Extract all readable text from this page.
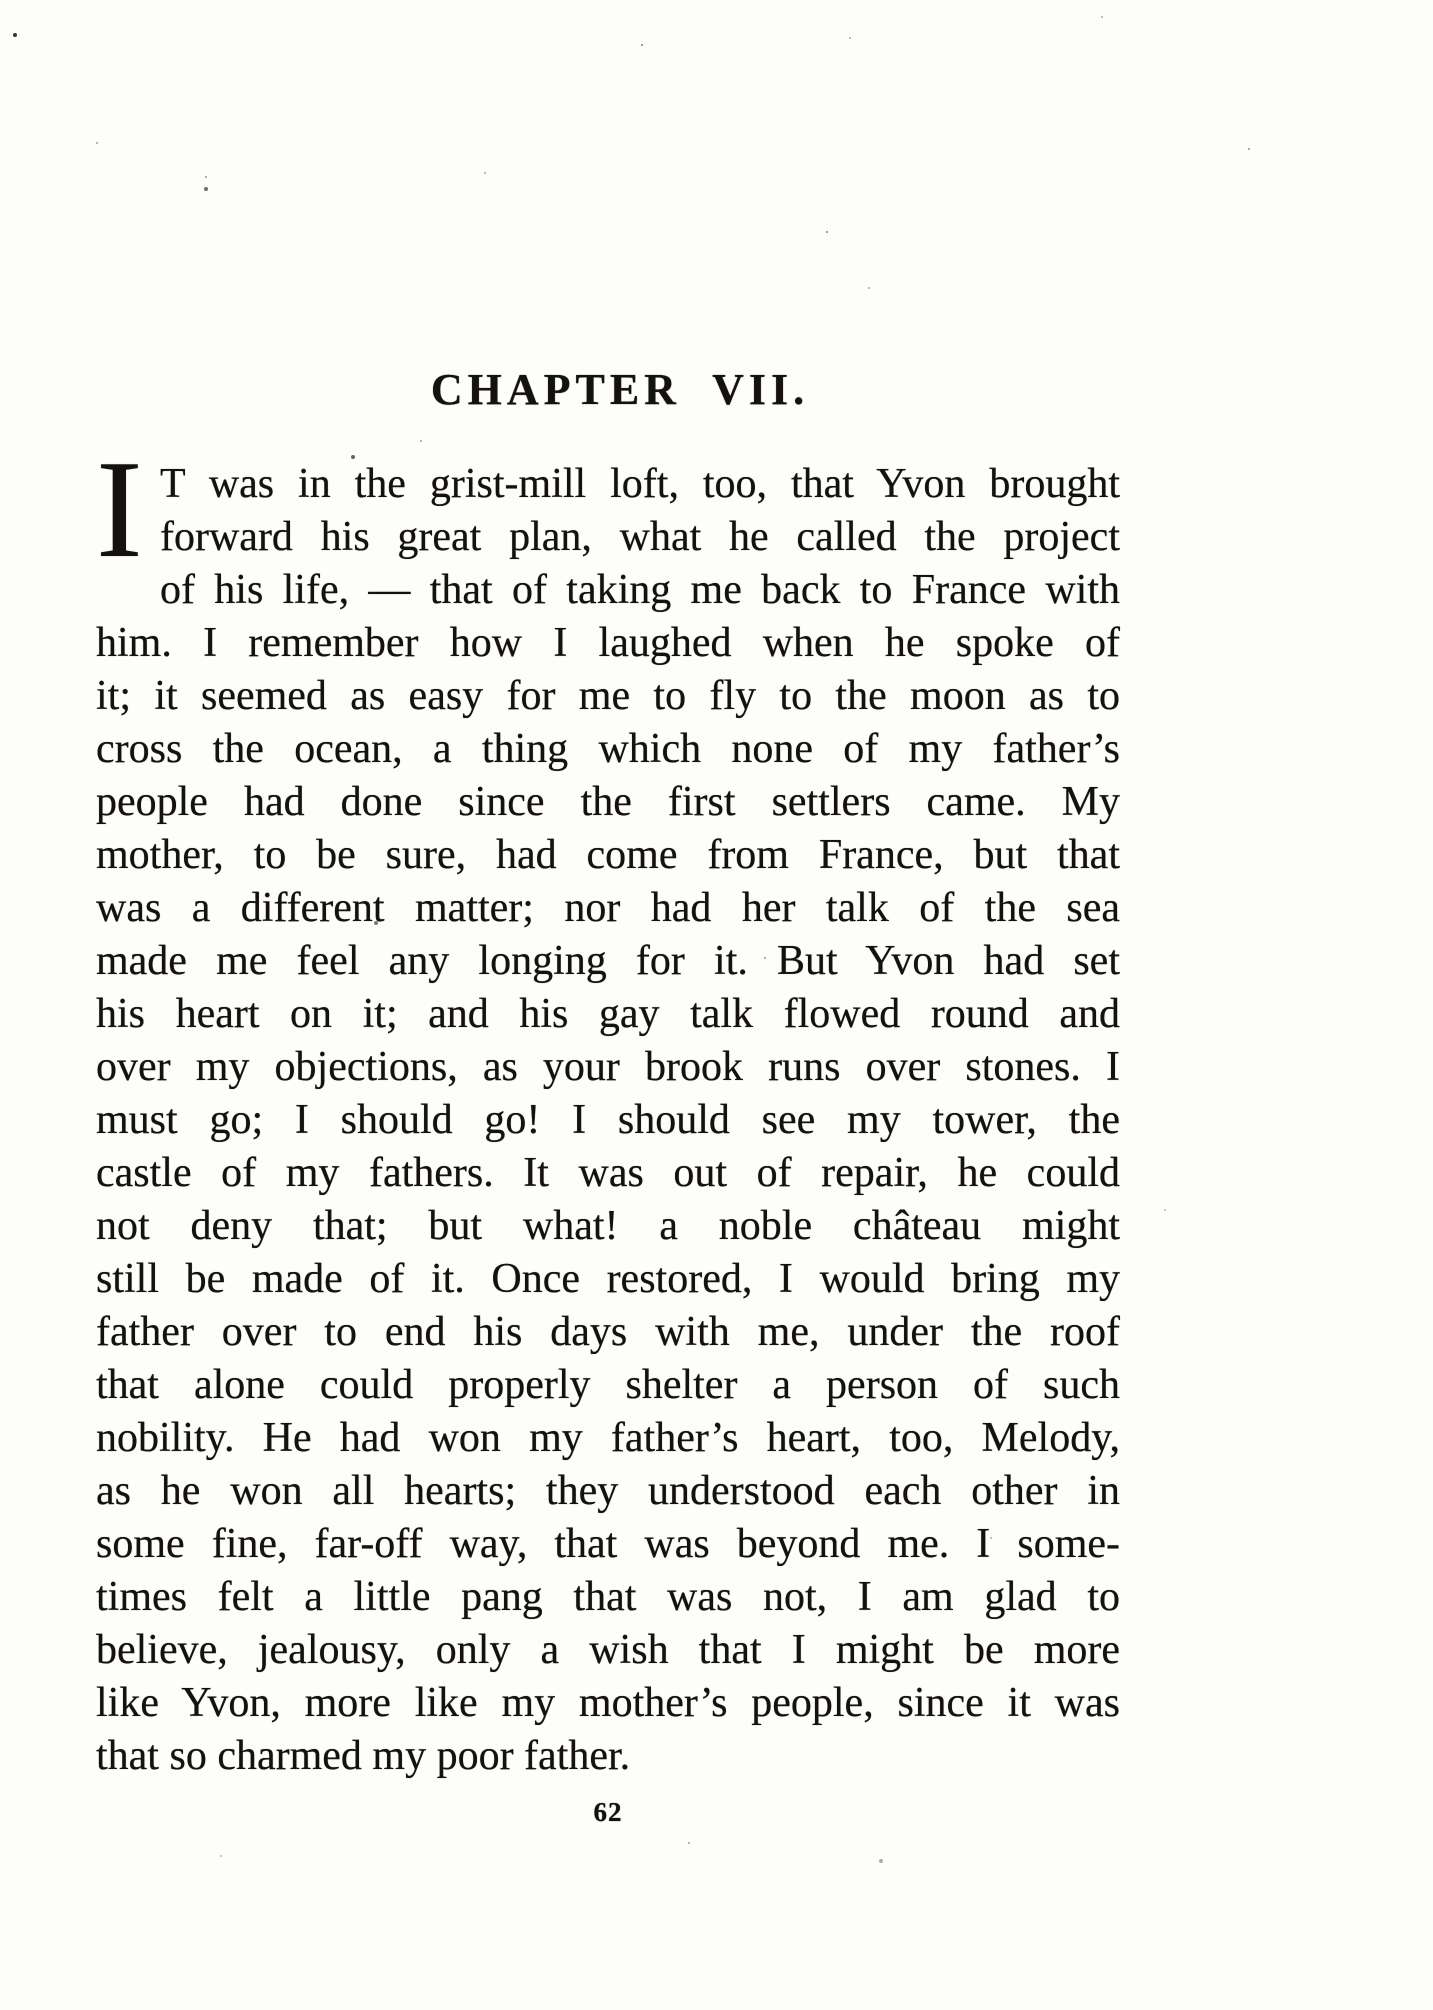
CHAPTER VII.
I T was in the grist-mill loft, too, that Yvon brought
forward his great plan, what he called the project
of his life, — that of taking me back to France with
him. I remember how I laughed when he spoke of
it; it seemed as easy for me to fly to the moon as to
cross the ocean, a thing which none of my father’s
people had done since the first settlers came. My
mother, to be sure, had come from France, but that
was a different matter; nor had her talk of the sea
made me feel any longing for it. But Yvon had set
his heart on it; and his gay talk flowed round and
over my objections, as your brook runs over stones. I
must go; I should go! I should see my tower, the
castle of my fathers. It was out of repair, he could
not deny that; but what! a noble château might
still be made of it. Once restored, I would bring my
father over to end his days with me, under the roof
that alone could properly shelter a person of such
nobility. He had won my father’s heart, too, Melody,
as he won all hearts; they understood each other in
some fine, far-off way, that was beyond me. I some-
times felt a little pang that was not, I am glad to
believe, jealousy, only a wish that I might be more
like Yvon, more like my mother’s people, since it was
that so charmed my poor father.
62
